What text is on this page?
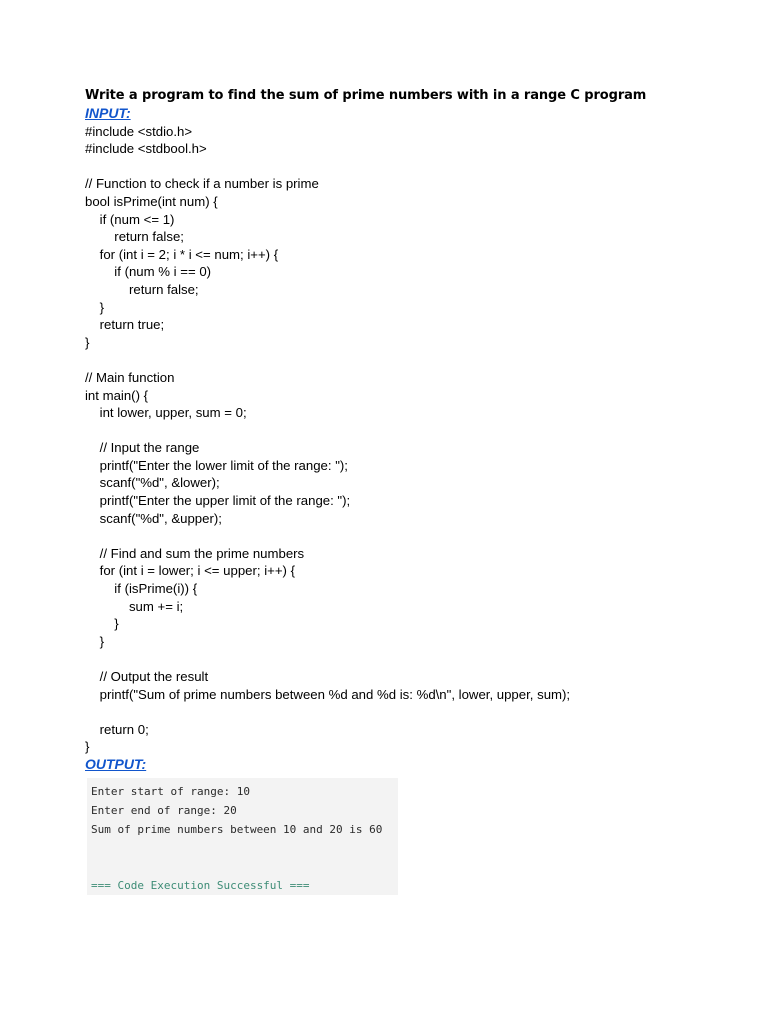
Write a program to find the sum of prime numbers with in a range C program
INPUT:
#include <stdio.h>
#include <stdbool.h>
// Function to check if a number is prime
bool isPrime(int num) {
if (num <= 1)
return false;
for (int i = 2; i * i <= num; i++) {
if (num % i == 0)
return false;
}
return true;
}
// Main function
int main() {
int lower, upper, sum = 0;
// Input the range
printf("Enter the lower limit of the range: ");
scanf("%d", &lower);
printf("Enter the upper limit of the range: ");
scanf("%d", &upper);
// Find and sum the prime numbers
for (int i = lower; i <= upper; i++) {
if (isPrime(i)) {
sum += i;
}
}
// Output the result
printf("Sum of prime numbers between %d and %d is: %d\n", lower, upper, sum);
return 0;
}
OUTPUT:
Enter start of range: 10
Enter end of range: 20
Sum of prime numbers between 10 and 20 is 60
=== Code Execution Successful ===
